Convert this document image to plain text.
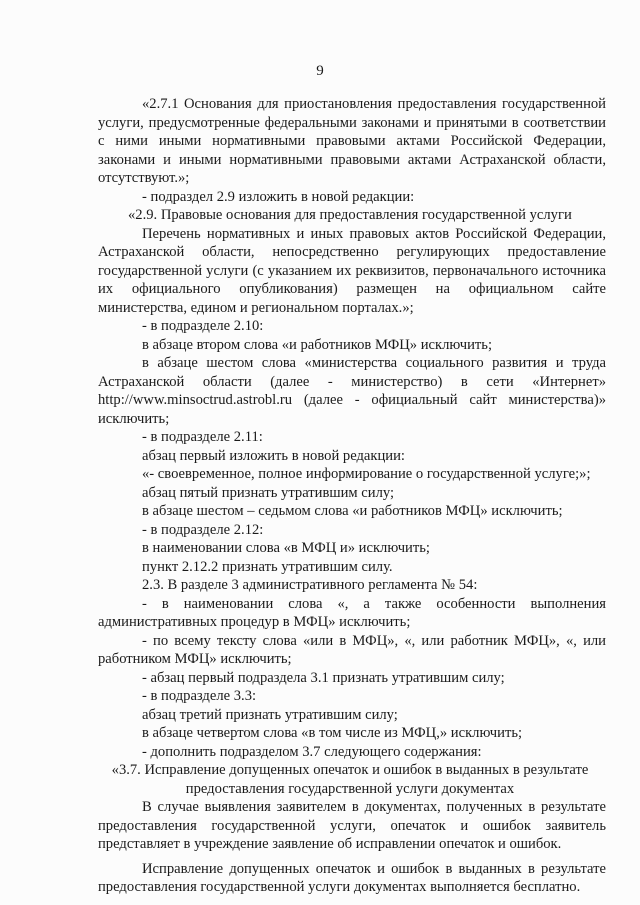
9

«2.7.1 Основания для приостановления предоставления государственной услуги, предусмотренные федеральными законами и принятыми в соответствии с ними иными нормативными правовыми актами Российской Федерации, законами и иными нормативными правовыми актами Астраханской области, отсутствуют.»;

- подраздел 2.9 изложить в новой редакции:

«2.9. Правовые основания для предоставления государственной услуги

Перечень нормативных и иных правовых актов Российской Федерации, Астраханской области, непосредственно регулирующих предоставление государственной услуги (с указанием их реквизитов, первоначального источника их официального опубликования) размещен на официальном сайте министерства, едином и региональном порталах.»;

- в подразделе 2.10:

в абзаце втором слова «и работников МФЦ» исключить;

в абзаце шестом слова «министерства социального развития и труда Астраханской области (далее - министерство) в сети «Интернет» http://www.minsoctrud.astrobl.ru (далее - официальный сайт министерства)» исключить;

- в подразделе 2.11:

абзац первый изложить в новой редакции:

«- своевременное, полное информирование о государственной услуге;»;

абзац пятый признать утратившим силу;

в абзаце шестом – седьмом слова «и работников МФЦ» исключить;

- в подразделе 2.12:

в наименовании слова «в МФЦ и» исключить;

пункт 2.12.2 признать утратившим силу.

2.3. В разделе 3 административного регламента № 54:

- в наименовании слова «, а также особенности выполнения административных процедур в МФЦ» исключить;

- по всему тексту слова «или в МФЦ», «, или работник МФЦ», «, или работником МФЦ» исключить;

- абзац первый подраздела 3.1 признать утратившим силу;

- в подразделе 3.3:

абзац третий признать утратившим силу;

в абзаце четвертом слова «в том числе из МФЦ,» исключить;

- дополнить подразделом 3.7 следующего содержания:

«3.7. Исправление допущенных опечаток и ошибок в выданных в результате предоставления государственной услуги документах

В случае выявления заявителем в документах, полученных в результате предоставления государственной услуги, опечаток и ошибок заявитель представляет в учреждение заявление об исправлении опечаток и ошибок.

Исправление допущенных опечаток и ошибок в выданных в результате предоставления государственной услуги документах выполняется бесплатно.
